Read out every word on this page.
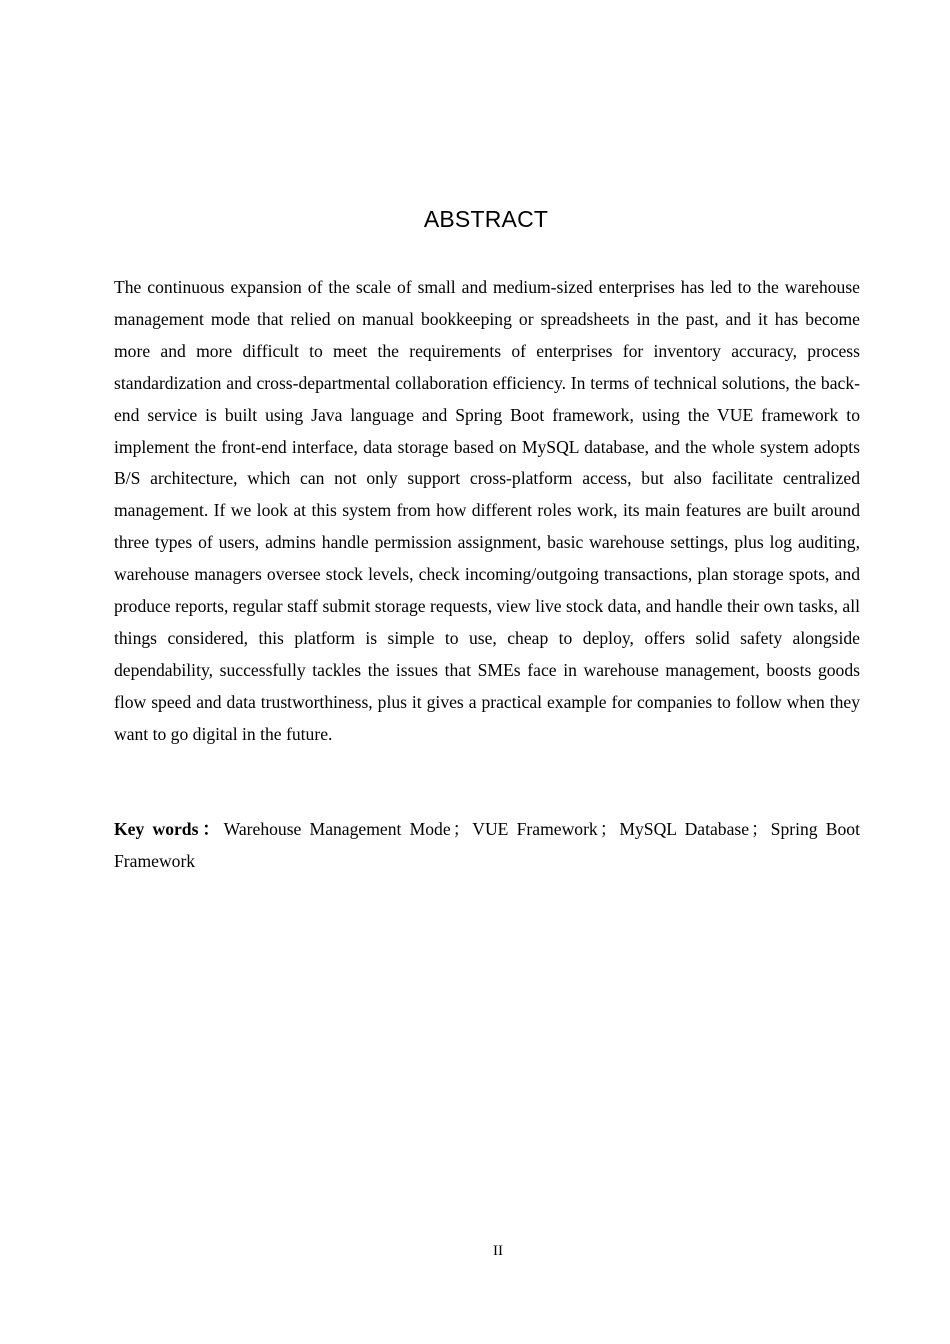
ABSTRACT

The continuous expansion of the scale of small and medium-sized enterprises has led to the warehouse management mode that relied on manual bookkeeping or spreadsheets in the past, and it has become more and more difficult to meet the requirements of enterprises for inventory accuracy, process standardization and cross-departmental collaboration efficiency. In terms of technical solutions, the back-end service is built using Java language and Spring Boot framework, using the VUE framework to implement the front-end interface, data storage based on MySQL database, and the whole system adopts B/S architecture, which can not only support cross-platform access, but also facilitate centralized management. If we look at this system from how different roles work, its main features are built around three types of users, admins handle permission assignment, basic warehouse settings, plus log auditing, warehouse managers oversee stock levels, check incoming/outgoing transactions, plan storage spots, and produce reports, regular staff submit storage requests, view live stock data, and handle their own tasks, all things considered, this platform is simple to use, cheap to deploy, offers solid safety alongside dependability, successfully tackles the issues that SMEs face in warehouse management, boosts goods flow speed and data trustworthiness, plus it gives a practical example for companies to follow when they want to go digital in the future.

Key words：Warehouse Management Mode ； VUE Framework ； MySQL Database ； Spring Boot Framework

II
